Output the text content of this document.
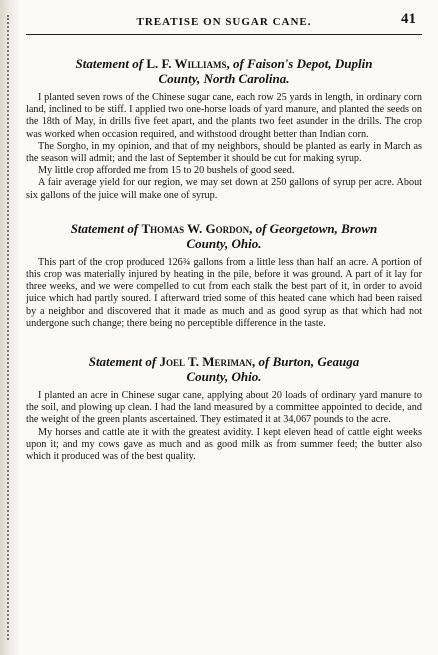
TREATISE ON SUGAR CANE.	41
Statement of L. F. Williams, of Faison's Depot, Duplin
County, North Carolina.

I planted seven rows of the Chinese sugar cane, each row 25 yards in length, in ordinary corn land, inclined to be stiff. I applied two one-horse loads of yard manure, and planted the seeds on the 18th of May, in drills five feet apart, and the plants two feet asunder in the drills. The crop was worked when occasion required, and withstood drought better than Indian corn.

The Sorgho, in my opinion, and that of my neighbors, should be planted as early in March as the season will admit; and the last of September it should be cut for making syrup.

My little crop afforded me from 15 to 20 bushels of good seed.

A fair average yield for our region, we may set down at 250 gallons of syrup per acre. About six gallons of the juice will make one of syrup.

Statement of Thomas W. Gordon, of Georgetown, Brown
County, Ohio.

This part of the crop produced 126¾ gallons from a little less than half an acre. A portion of this crop was materially injured by heating in the pile, before it was ground. A part of it lay for three weeks, and we were compelled to cut from each stalk the best part of it, in order to avoid juice which had partly soured. I afterward tried some of this heated cane which had been raised by a neighbor and discovered that it made as much and as good syrup as that which had not undergone such change; there being no perceptible difference in the taste.

Statement of Joel T. Meriman, of Burton, Geauga
County, Ohio.

I planted an acre in Chinese sugar cane, applying about 20 loads of ordinary yard manure to the soil, and plowing up clean. I had the land measured by a committee appointed to decide, and the weight of the green plants ascertained. They estimated it at 34,067 pounds to the acre.

My horses and cattle ate it with the greatest avidity. I kept eleven head of cattle eight weeks upon it; and my cows gave as much and as good milk as from summer feed; the butter also which it produced was of the best quality.
